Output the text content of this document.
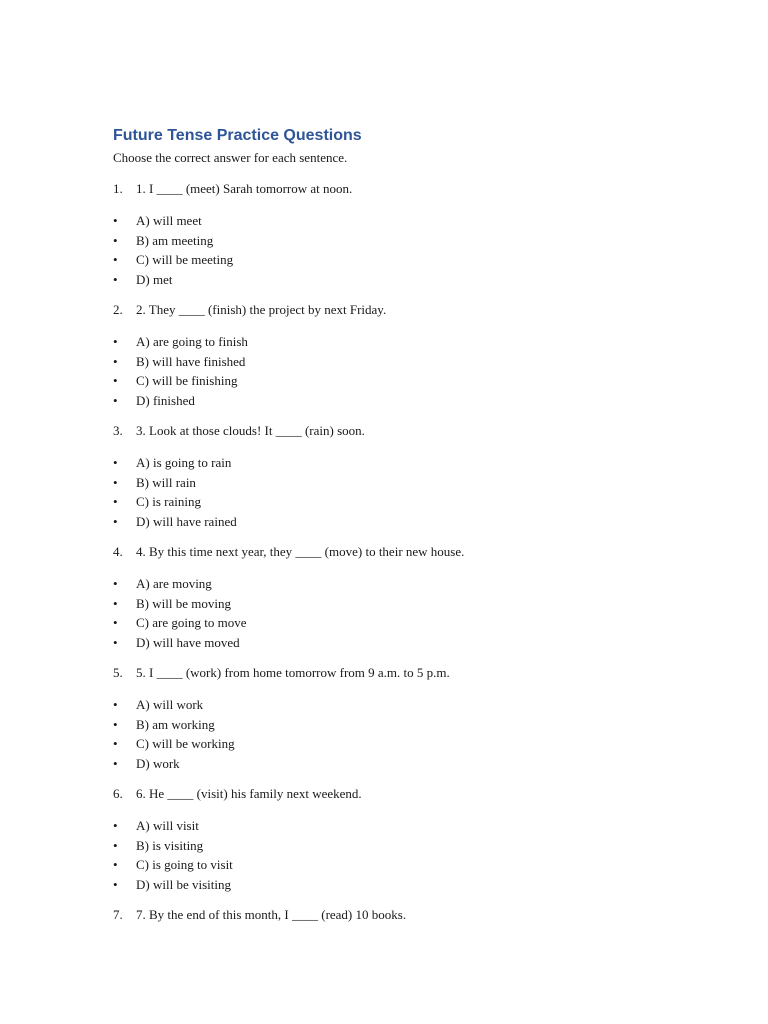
Future Tense Practice Questions

Choose the correct answer for each sentence.

1. 1. I ____ (meet) Sarah tomorrow at noon.
• A) will meet
• B) am meeting
• C) will be meeting
• D) met
2. 2. They ____ (finish) the project by next Friday.
• A) are going to finish
• B) will have finished
• C) will be finishing
• D) finished
3. 3. Look at those clouds! It ____ (rain) soon.
• A) is going to rain
• B) will rain
• C) is raining
• D) will have rained
4. 4. By this time next year, they ____ (move) to their new house.
• A) are moving
• B) will be moving
• C) are going to move
• D) will have moved
5. 5. I ____ (work) from home tomorrow from 9 a.m. to 5 p.m.
• A) will work
• B) am working
• C) will be working
• D) work
6. 6. He ____ (visit) his family next weekend.
• A) will visit
• B) is visiting
• C) is going to visit
• D) will be visiting
7. 7. By the end of this month, I ____ (read) 10 books.
